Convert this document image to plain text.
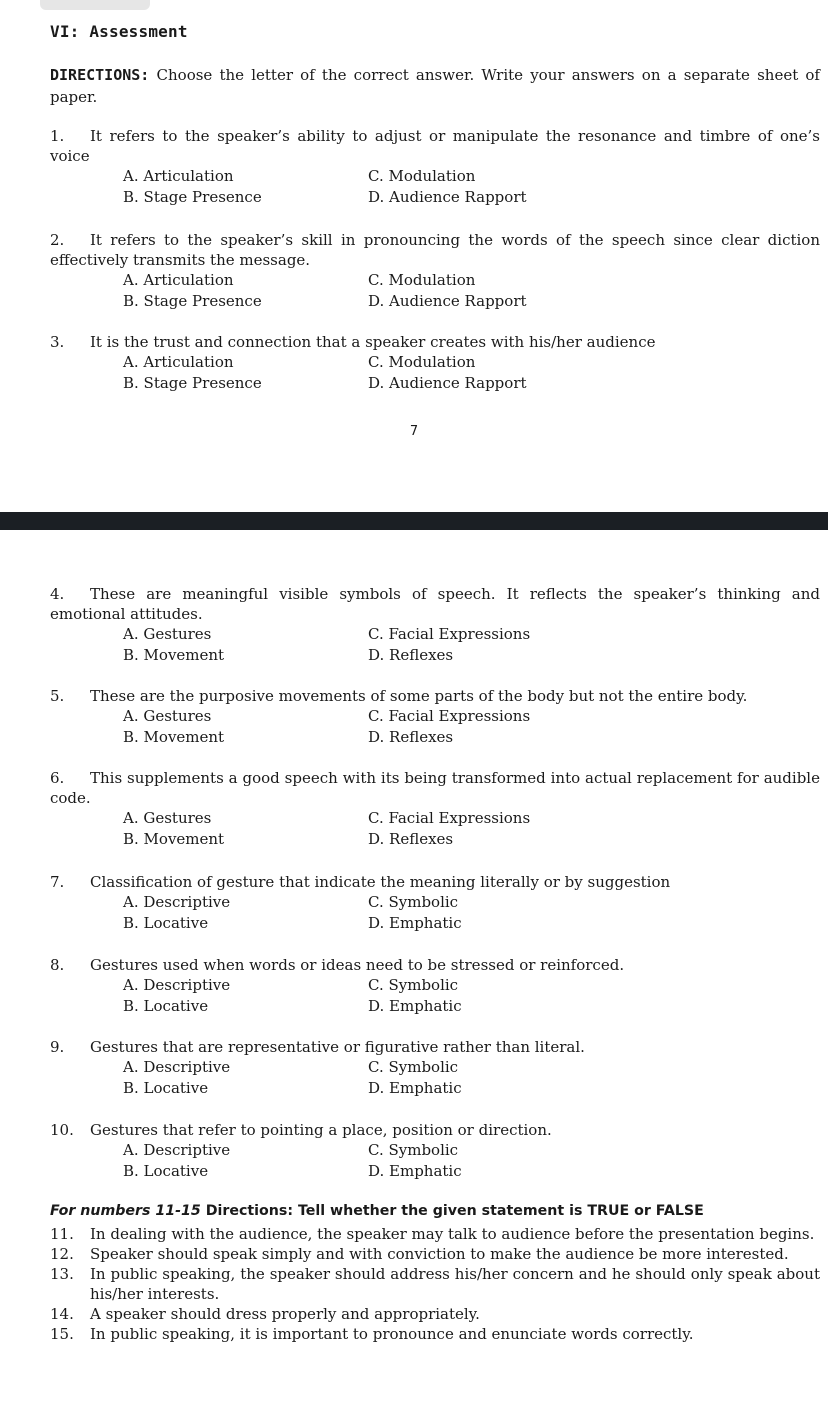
VI: Assessment
DIRECTIONS: Choose the letter of the correct answer. Write your answers on a separate sheet of paper.
1. It refers to the speaker’s ability to adjust or manipulate the resonance and timbre of one’s voice
A. Articulation	C. Modulation
B. Stage Presence	D. Audience Rapport
2. It refers to the speaker’s skill in pronouncing the words of the speech since clear diction effectively transmits the message.
A. Articulation	C. Modulation
B. Stage Presence	D. Audience Rapport
3. It is the trust and connection that a speaker creates with his/her audience
A. Articulation	C. Modulation
B. Stage Presence	D. Audience Rapport
7
4. These are meaningful visible symbols of speech. It reflects the speaker’s thinking and emotional attitudes.
A. Gestures	C. Facial Expressions
B. Movement	D. Reflexes
5. These are the purposive movements of some parts of the body but not the entire body.
A. Gestures	C. Facial Expressions
B. Movement	D. Reflexes
6. This supplements a good speech with its being transformed into actual replacement for audible code.
A. Gestures	C. Facial Expressions
B. Movement	D. Reflexes
7. Classification of gesture that indicate the meaning literally or by suggestion
A. Descriptive	C. Symbolic
B. Locative	D. Emphatic
8. Gestures used when words or ideas need to be stressed or reinforced.
A. Descriptive	C. Symbolic
B. Locative	D. Emphatic
9. Gestures that are representative or figurative rather than literal.
A. Descriptive	C. Symbolic
B. Locative	D. Emphatic
10. Gestures that refer to pointing a place, position or direction.
A. Descriptive	C. Symbolic
B. Locative	D. Emphatic
For numbers 11-15 Directions: Tell whether the given statement is TRUE or FALSE
11. In dealing with the audience, the speaker may talk to audience before the presentation begins.
12. Speaker should speak simply and with conviction to make the audience be more interested.
13. In public speaking, the speaker should address his/her concern and he should only speak about his/her interests.
14. A speaker should dress properly and appropriately.
15. In public speaking, it is important to pronounce and enunciate words correctly.
